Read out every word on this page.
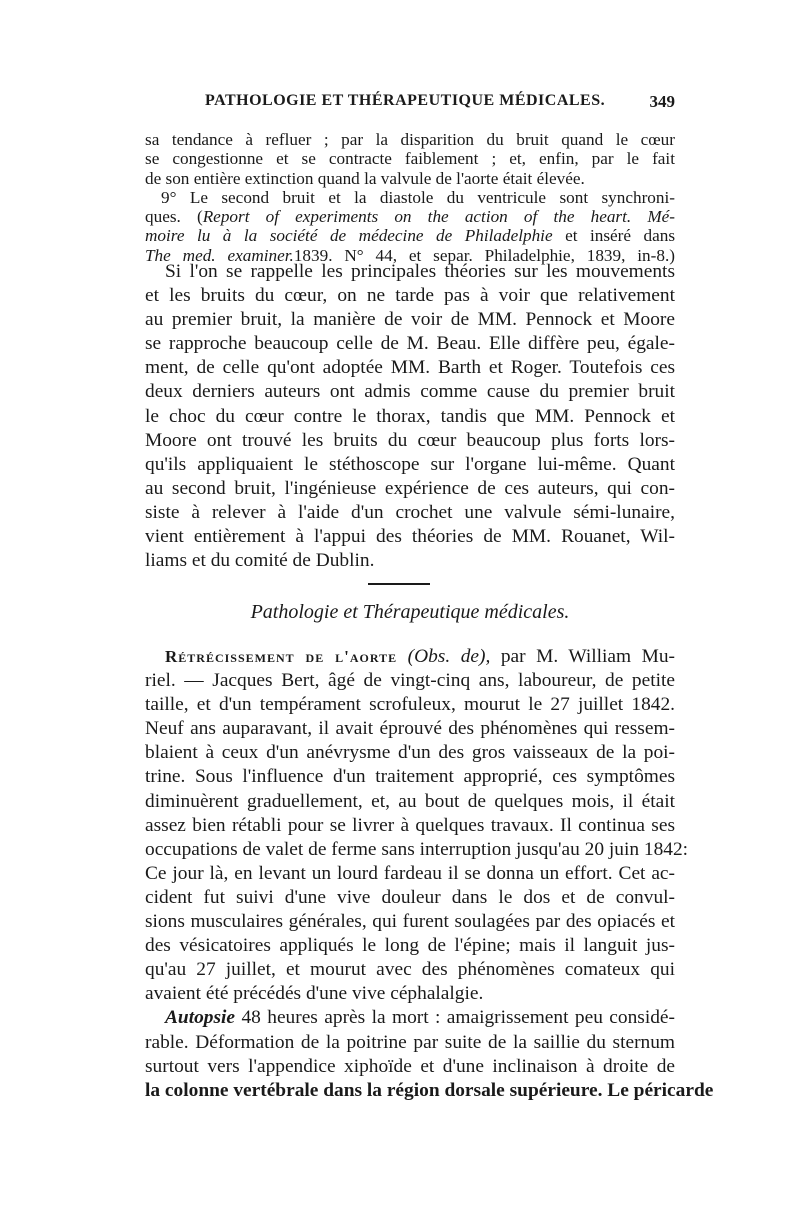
PATHOLOGIE ET THÉRAPEUTIQUE MÉDICALES.	349
sa tendance à refluer ; par la disparition du bruit quand le cœur
se congestionne et se contracte faiblement ; et, enfin, par le fait
de son entière extinction quand la valvule de l'aorte était élevée.
9° Le second bruit et la diastole du ventricule sont synchroni-
ques. (Report of experiments on the action of the heart. Mé-
moire lu à la société de médecine de Philadelphie et inséré dans
The med. examiner.1839. N° 44, et separ. Philadelphie, 1839, in-8.)
Si l'on se rappelle les principales théories sur les mouvements
et les bruits du cœur, on ne tarde pas à voir que relativement
au premier bruit, la manière de voir de MM. Pennock et Moore
se rapproche beaucoup celle de M. Beau. Elle diffère peu, égale-
ment, de celle qu'ont adoptée MM. Barth et Roger. Toutefois ces
deux derniers auteurs ont admis comme cause du premier bruit
le choc du cœur contre le thorax, tandis que MM. Pennock et
Moore ont trouvé les bruits du cœur beaucoup plus forts lors-
qu'ils appliquaient le stéthoscope sur l'organe lui-même. Quant
au second bruit, l'ingénieuse expérience de ces auteurs, qui con-
siste à relever à l'aide d'un crochet une valvule sémi-lunaire,
vient entièrement à l'appui des théories de MM. Rouanet, Wil-
liams et du comité de Dublin.
Pathologie et Thérapeutique médicales.
Rétrécissement de l'aorte (Obs. de), par M. William Mu-
riel. — Jacques Bert, âgé de vingt-cinq ans, laboureur, de petite
taille, et d'un tempérament scrofuleux, mourut le 27 juillet 1842.
Neuf ans auparavant, il avait éprouvé des phénomènes qui ressem-
blaient à ceux d'un anévrysme d'un des gros vaisseaux de la poi-
trine. Sous l'influence d'un traitement approprié, ces symptômes
diminuèrent graduellement, et, au bout de quelques mois, il était
assez bien rétabli pour se livrer à quelques travaux. Il continua ses
occupations de valet de ferme sans interruption jusqu'au 20 juin 1842:
Ce jour là, en levant un lourd fardeau il se donna un effort. Cet ac-
cident fut suivi d'une vive douleur dans le dos et de convul-
sions musculaires générales, qui furent soulagées par des opiacés et
des vésicatoires appliqués le long de l'épine; mais il languit jus-
qu'au 27 juillet, et mourut avec des phénomènes comateux qui
avaient été précédés d'une vive céphalalgie.
Autopsie 48 heures après la mort : amaigrissement peu considé-
rable. Déformation de la poitrine par suite de la saillie du sternum
surtout vers l'appendice xiphoïde et d'une inclinaison à droite de
la colonne vertébrale dans la région dorsale supérieure. Le péricarde
